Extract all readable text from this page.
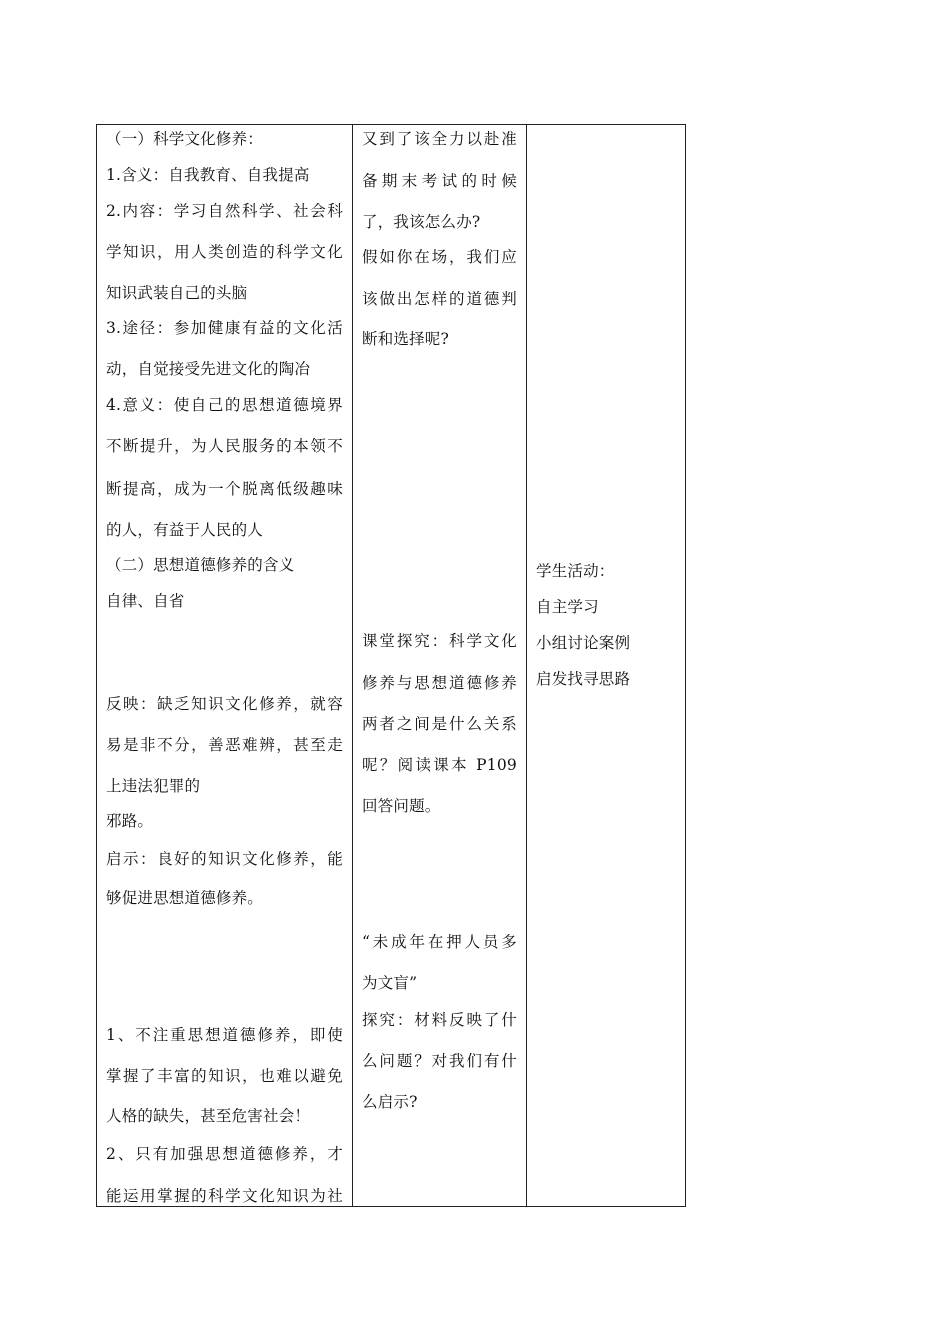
（一）科学文化修养：
1.含义：自我教育、自我提高
2.内容：学习自然科学、社会科
学知识，用人类创造的科学文化
知识武装自己的头脑
3.途径：参加健康有益的文化活
动，自觉接受先进文化的陶冶
4.意义：使自己的思想道德境界
不断提升，为人民服务的本领不
断提高，成为一个脱离低级趣味
的人，有益于人民的人
（二）思想道德修养的含义
自律、自省
反映：缺乏知识文化修养，就容
易是非不分，善恶难辨，甚至走
上违法犯罪的
邪路。
启示：良好的知识文化修养，能
够促进思想道德修养。
1、不注重思想道德修养，即使
掌握了丰富的知识，也难以避免
人格的缺失，甚至危害社会！
2、只有加强思想道德修养，才
能运用掌握的科学文化知识为社
又到了该全力以赴准
备期末考试的时候
了，我该怎么办?
假如你在场，我们应
该做出怎样的道德判
断和选择呢?
课堂探究：科学文化
修养与思想道德修养
两者之间是什么关系
呢？阅读课本 P109
回答问题。
“未成年在押人员多
为文盲”
探究：材料反映了什
么问题？对我们有什
么启示?
学生活动：
自主学习
小组讨论案例
启发找寻思路
